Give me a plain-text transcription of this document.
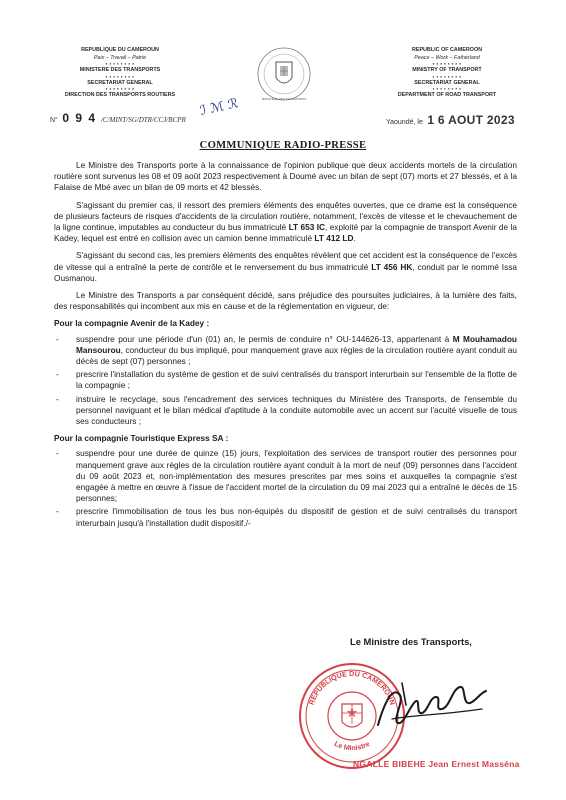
REPUBLIQUE DU CAMEROUN
Paix – Travail – Patrie
* * * * * * * *
MINISTERE DES TRANSPORTS
* * * * * * * *
SECRETARIAT GENERAL
* * * * * * * *
DIRECTION DES TRANSPORTS ROUTIERS
MINISTERE DES TRANSPORTS
REPUBLIC OF CAMEROON
Peace – Work – Fatherland
* * * * * * * *
MINISTRY OF TRANSPORT
* * * * * * * *
SECRETARIAT GENERAL
* * * * * * * *
DEPARTMENT OF ROAD TRANSPORT
N° 0 9 4 /C/MINT/SG/DTR/CCJ/BCPR
ℐ ℳ ℛ
Yaoundé, le 1 6 AOUT 2023
COMMUNIQUE RADIO-PRESSE

Le Ministre des Transports porte à la connaissance de l'opinion publique que deux accidents mortels de la circulation routière sont survenus les 08 et 09 août 2023 respectivement à Doumé avec un bilan de sept (07) morts et 27 blessés, et à la Falaise de Mbé avec un bilan de 09 morts et 42 blessés.

S'agissant du premier cas, il ressort des premiers éléments des enquêtes ouvertes, que ce drame est la conséquence de plusieurs facteurs de risques d'accidents de la circulation routière, notamment, l'excès de vitesse et le chevauchement de la ligne continue, imputables au conducteur du bus immatriculé LT 653 IC, exploité par la compagnie de transport Avenir de la Kadey, lequel est entré en collision avec un camion benne immatriculé LT 412 LD.

S'agissant du second cas, les premiers éléments des enquêtes révèlent que cet accident est la conséquence de l'excès de vitesse qui a entraîné la perte de contrôle et le renversement du bus immatriculé LT 456 HK, conduit par le nommé Issa Ousmanou.

Le Ministre des Transports a par conséquent décidé, sans préjudice des poursuites judiciaires, à la lumière des faits, des responsabilités qui incombent aux mis en cause et de la réglementation en vigueur, de:

Pour la compagnie Avenir de la Kadey :
- suspendre pour une période d'un (01) an, le permis de conduire n° OU-144626-13, appartenant à M Mouhamadou Mansourou, conducteur du bus impliqué, pour manquement grave aux règles de la circulation routière ayant conduit au décès de sept (07) personnes ;
- prescrire l'installation du système de gestion et de suivi centralisés du transport interurbain sur l'ensemble de la flotte de la compagnie ;
- instruire le recyclage, sous l'encadrement des services techniques du Ministère des Transports, de l'ensemble du personnel naviguant et le bilan médical d'aptitude à la conduite automobile avec un accent sur l'acuité visuelle de tous ses conducteurs ;
Pour la compagnie Touristique Express SA :
- suspendre pour une durée de quinze (15) jours, l'exploitation des services de transport routier des personnes pour manquement grave aux règles de la circulation routière ayant conduit à la mort de neuf (09) personnes dans l'accident du 09 août 2023 et, non-implémentation des mesures prescrites par mes soins et auxquelles la compagnie s'est engagée à mettre en œuvre à l'issue de l'accident mortel de la circulation du 09 mai 2023 qui a entraîné le décès de 15 personnes;
- prescrire l'immobilisation de tous les bus non-équipés du dispositif de gestion et de suivi centralisés du transport interurbain jusqu'à l'installation dudit dispositif./-
Le Ministre des Transports,
REPUBLIQUE DU CAMEROUN
Le Ministre
NGALLE BIBEHE Jean Ernest Masséna
